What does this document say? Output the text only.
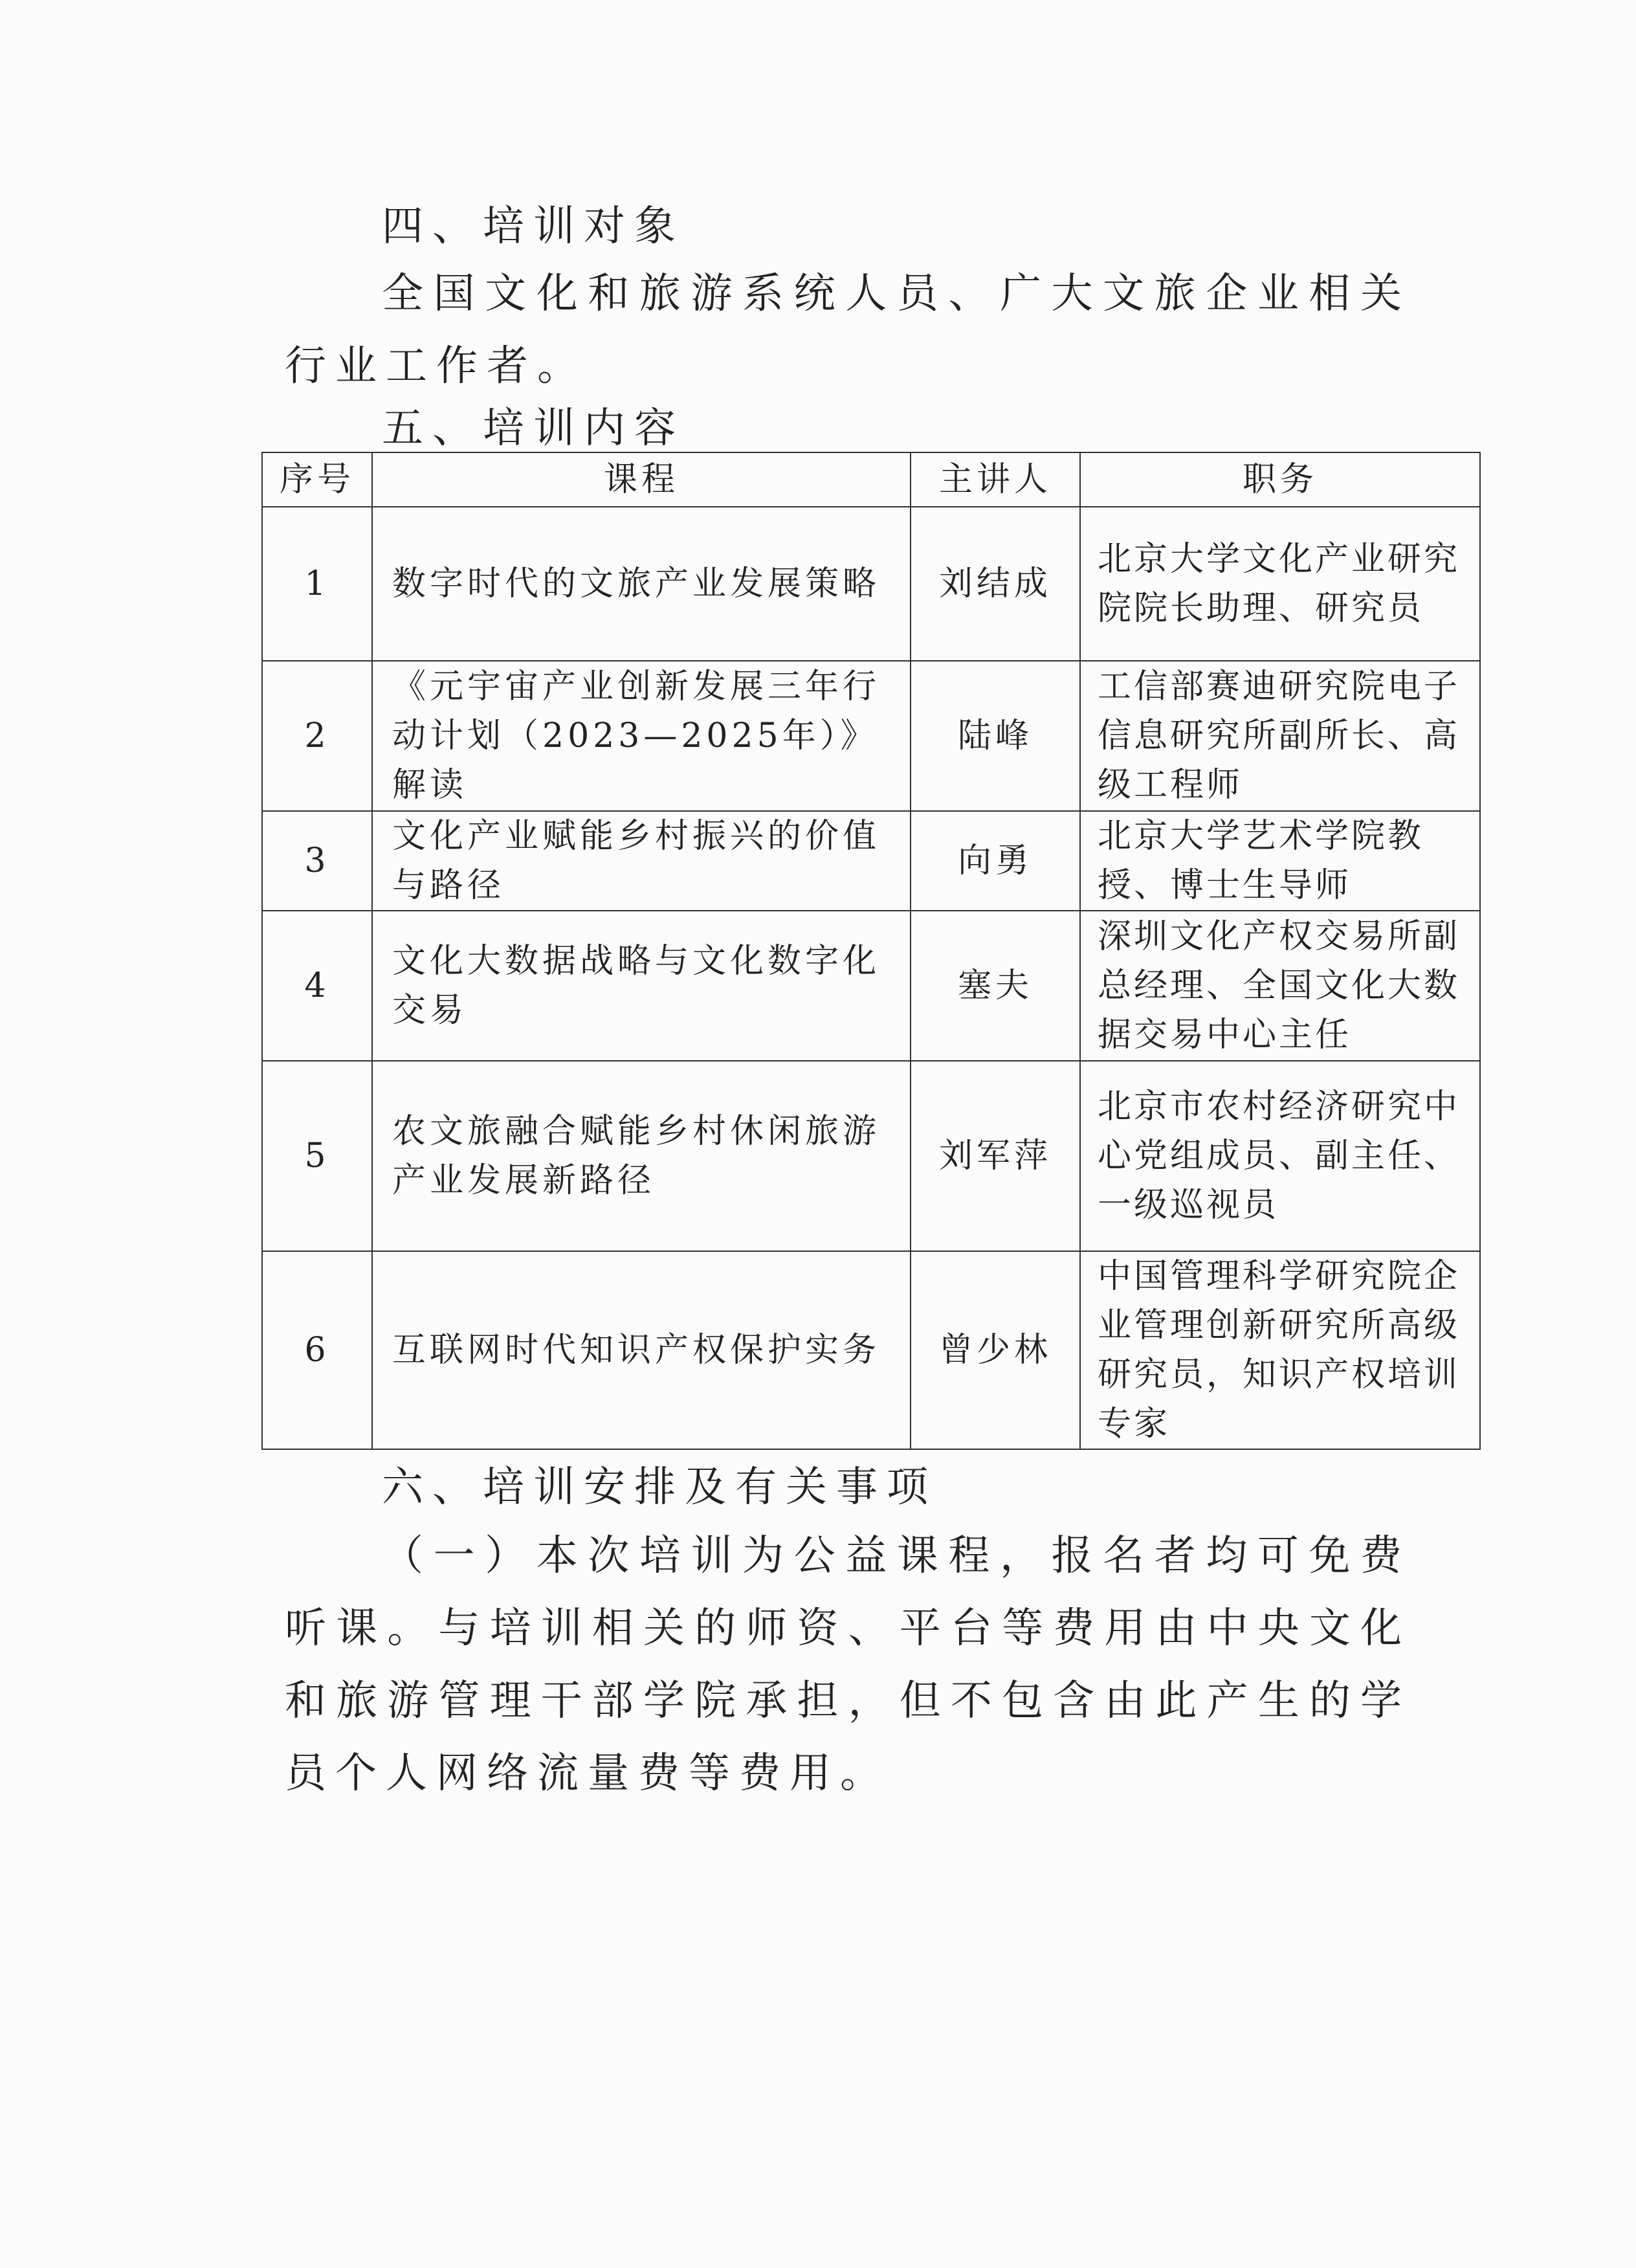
四、培训对象

全国文化和旅游系统人员、广大文旅企业相关行业工作者。

五、培训内容
序号	课程	主讲人	职务
1	数字时代的文旅产业发展策略	刘结成	北京大学文化产业研究院院长助理、研究员
2	《元宇宙产业创新发展三年行动计划（2023—2025年）》解读	陆峰	工信部赛迪研究院电子信息研究所副所长、高级工程师
3	文化产业赋能乡村振兴的价值与路径	向勇	北京大学艺术学院教授、博士生导师
4	文化大数据战略与文化数字化交易	塞夫	深圳文化产权交易所副总经理、全国文化大数据交易中心主任
5	农文旅融合赋能乡村休闲旅游产业发展新路径	刘军萍	北京市农村经济研究中心党组成员、副主任、一级巡视员
6	互联网时代知识产权保护实务	曾少林	中国管理科学研究院企业管理创新研究所高级研究员，知识产权培训专家
六、培训安排及有关事项

（一）本次培训为公益课程，报名者均可免费听课。与培训相关的师资、平台等费用由中央文化和旅游管理干部学院承担，但不包含由此产生的学员个人网络流量费等费用。
